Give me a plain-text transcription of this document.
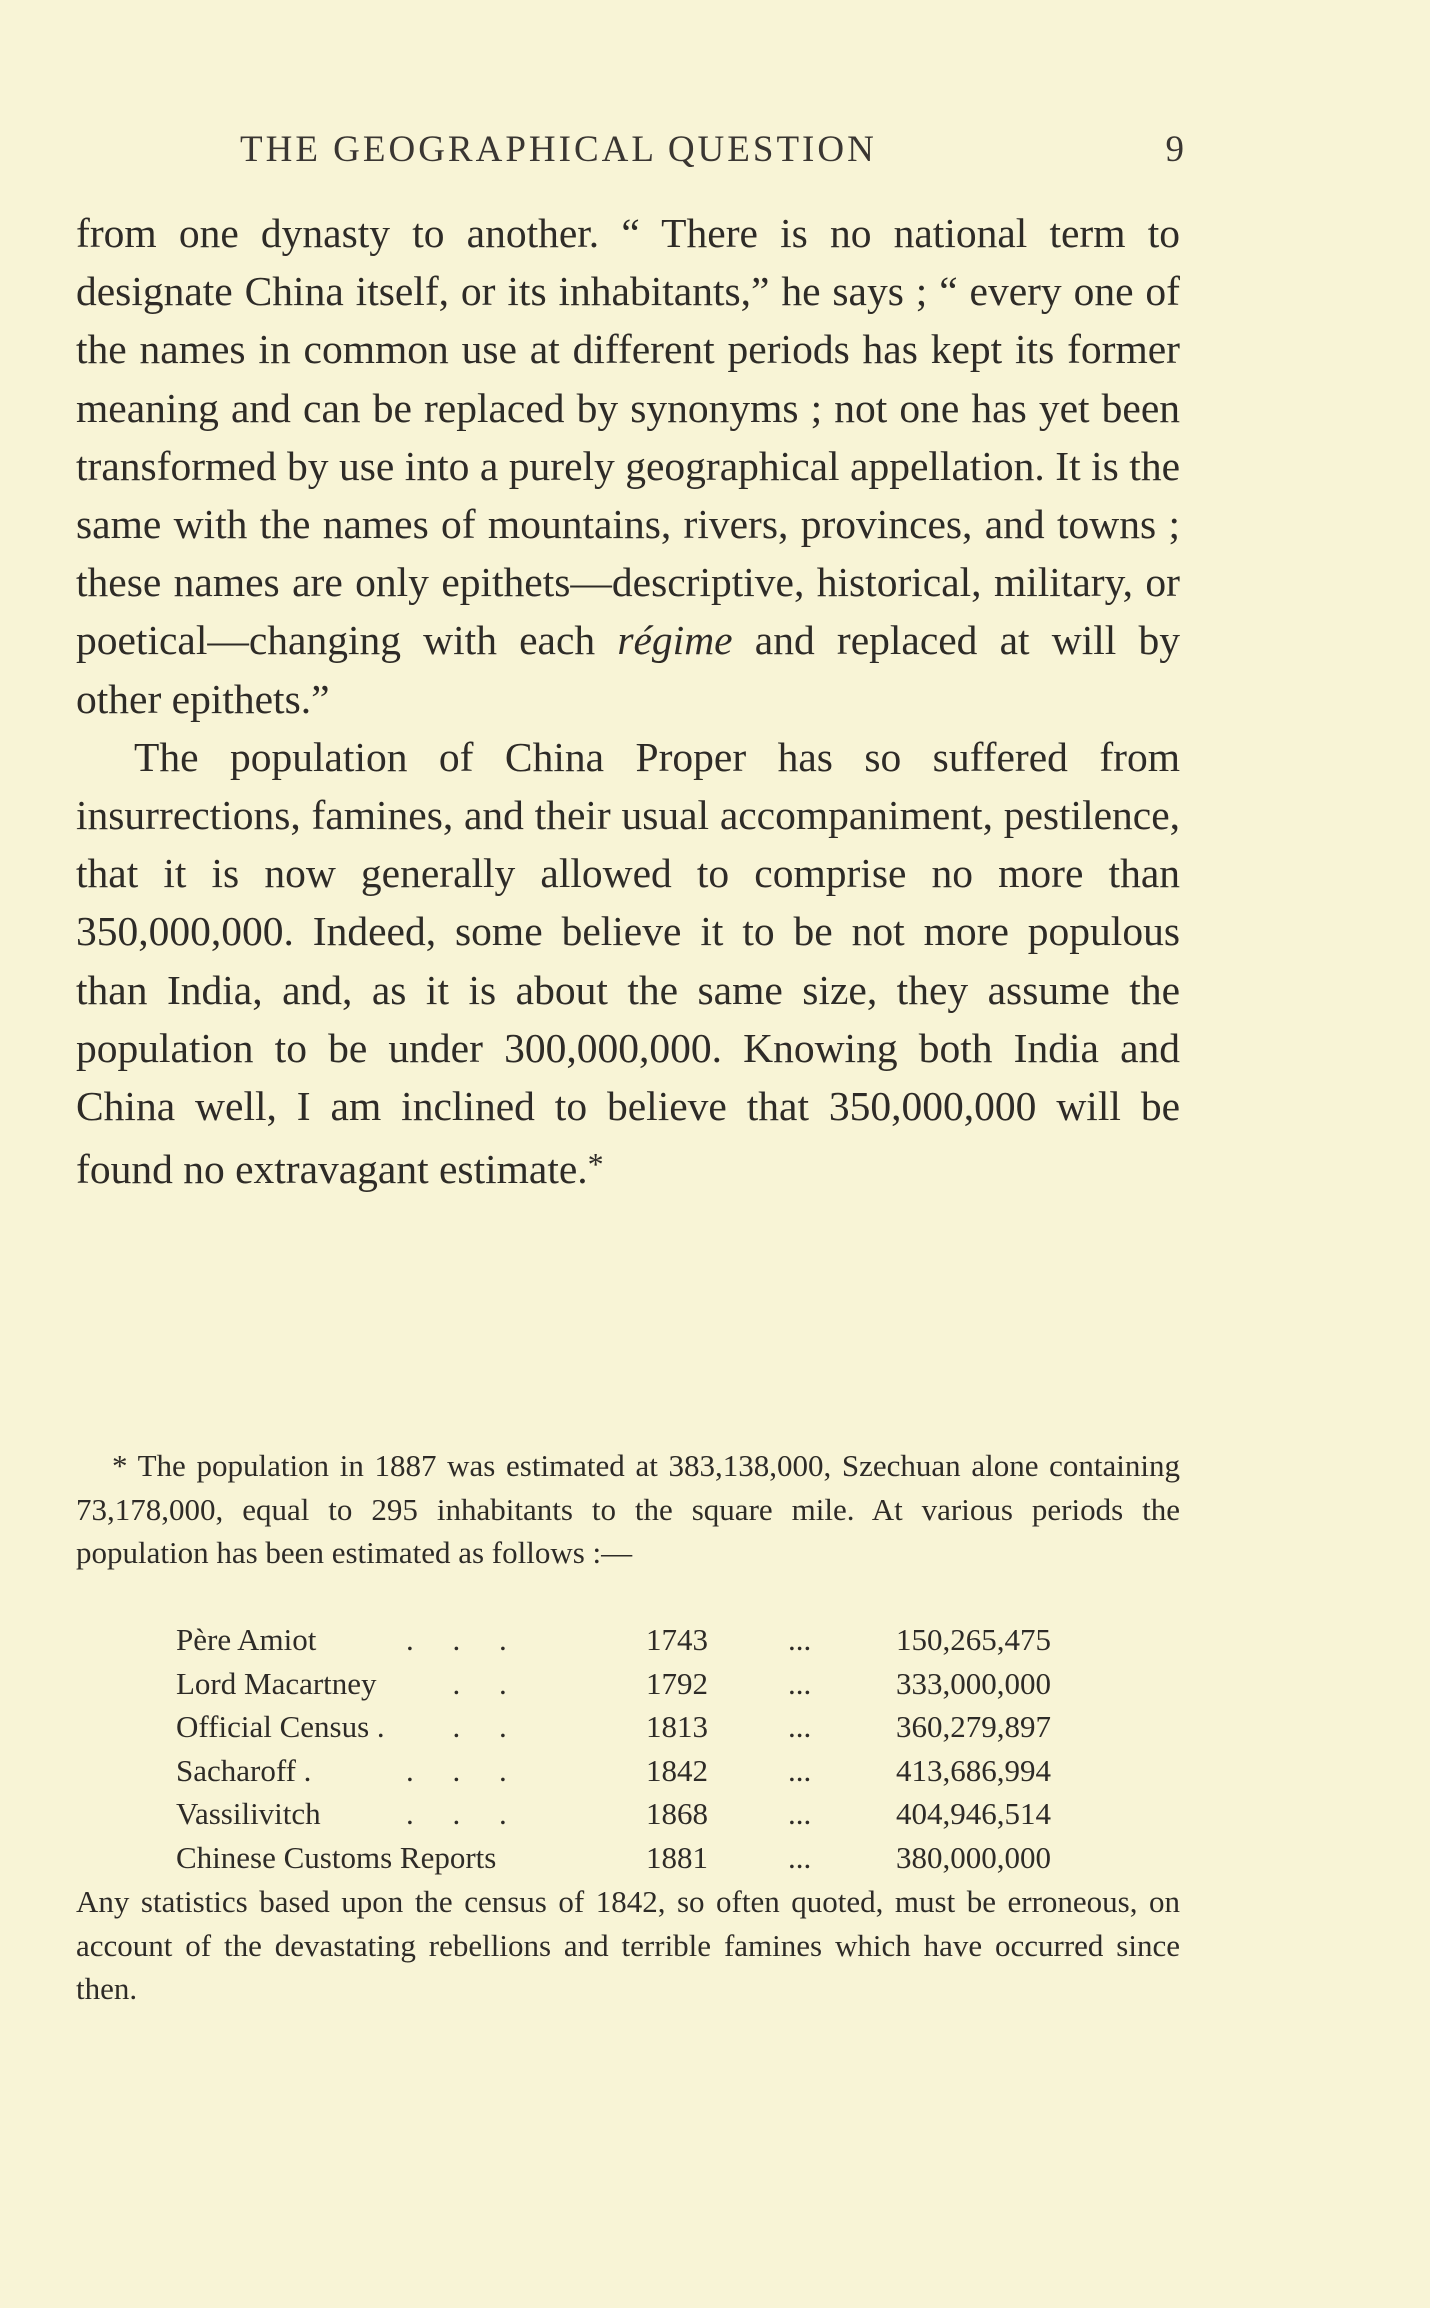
THE GEOGRAPHICAL QUESTION	9

from one dynasty to another. “ There is no national term to designate China itself, or its inhabitants,” he says ; “ every one of the names in common use at different periods has kept its former meaning and can be replaced by synonyms ; not one has yet been transformed by use into a purely geographical appellation. It is the same with the names of mountains, rivers, provinces, and towns ; these names are only epithets—descriptive, historical, military, or poetical—changing with each régime and replaced at will by other epithets.”

The population of China Proper has so suffered from insurrections, famines, and their usual accompaniment, pestilence, that it is now generally allowed to comprise no more than 350,000,000. Indeed, some believe it to be not more populous than India, and, as it is about the same size, they assume the population to be under 300,000,000. Knowing both India and China well, I am inclined to believe that 350,000,000 will be found no extravagant estimate.*

* The population in 1887 was estimated at 383,138,000, Szechuan alone containing 73,178,000, equal to 295 inhabitants to the square mile. At various periods the population has been estimated as follows :—

Père Amiot	.     .     .	1743	...	150,265,475
Lord Macartney .     .	1792	...	333,000,000
Official Census . .     .	1813	...	360,279,897
Sacharoff .	.     .     .	1842	...	413,686,994
Vassilivitch	.     .     .	1868	...	404,946,514
Chinese Customs Reports	1881	...	380,000,000

Any statistics based upon the census of 1842, so often quoted, must be erroneous, on account of the devastating rebellions and terrible famines which have occurred since then.
